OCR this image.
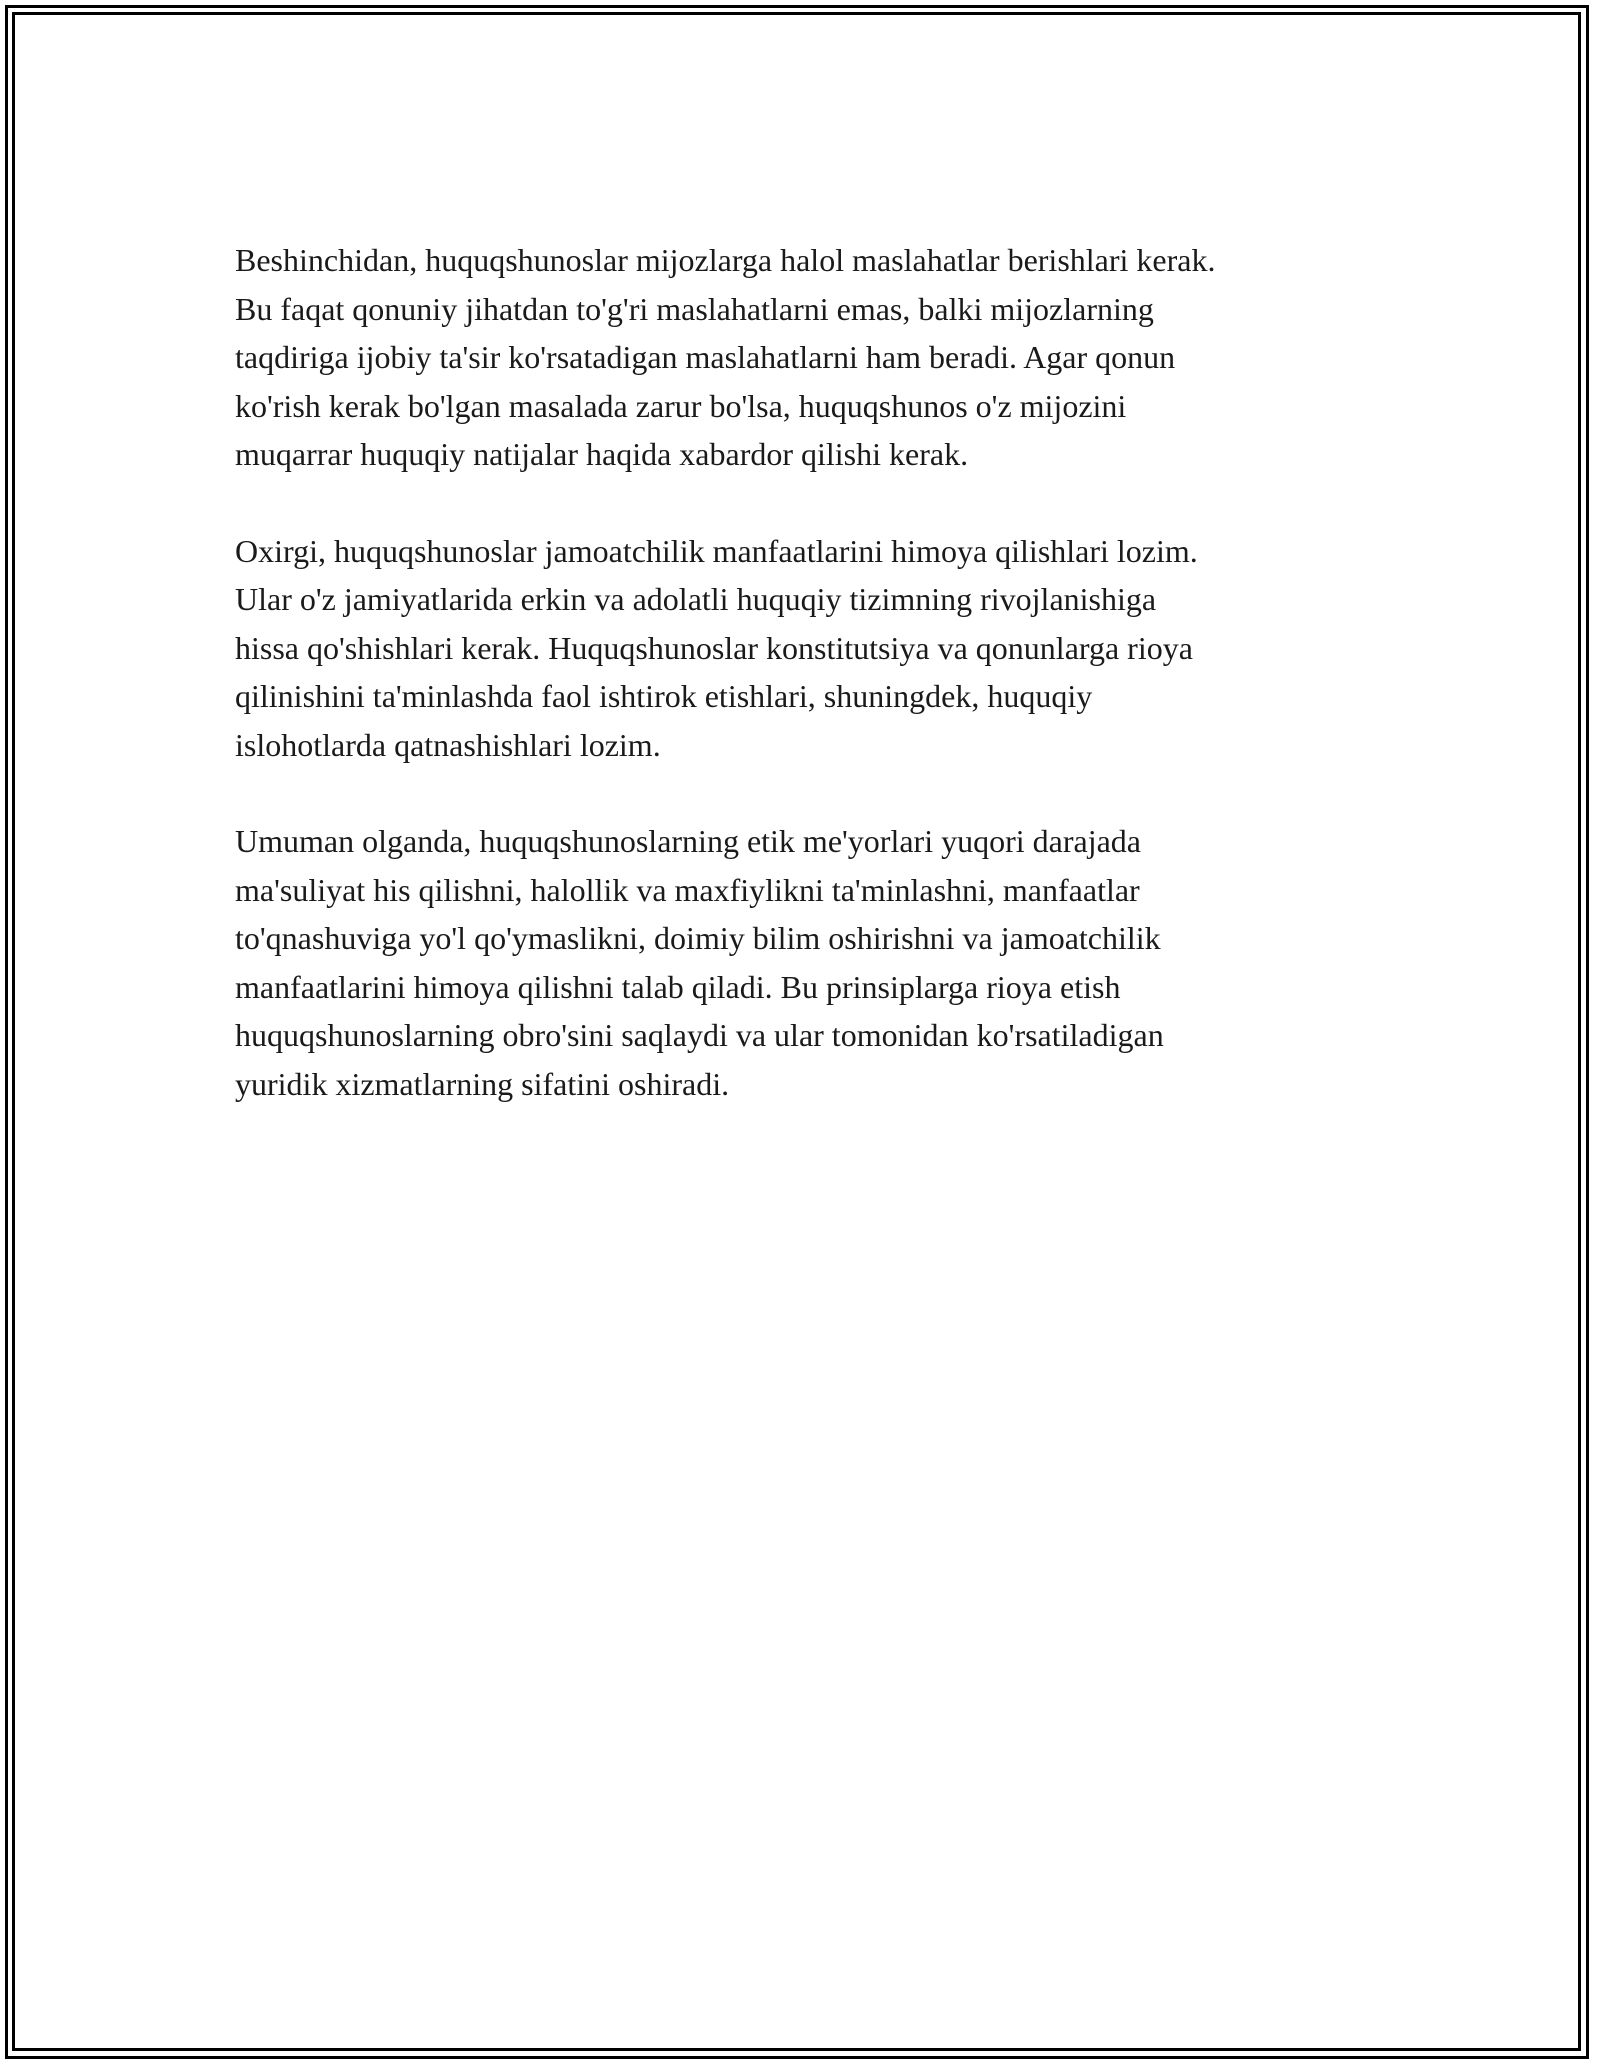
Beshinchidan, huquqshunoslar mijozlarga halol maslahatlar berishlari kerak.
Bu faqat qonuniy jihatdan to'g'ri maslahatlarni emas, balki mijozlarning
taqdiriga ijobiy ta'sir ko'rsatadigan maslahatlarni ham beradi. Agar qonun
ko'rish kerak bo'lgan masalada zarur bo'lsa, huquqshunos o'z mijozini
muqarrar huquqiy natijalar haqida xabardor qilishi kerak.

Oxirgi, huquqshunoslar jamoatchilik manfaatlarini himoya qilishlari lozim.
Ular o'z jamiyatlarida erkin va adolatli huquqiy tizimning rivojlanishiga
hissa qo'shishlari kerak. Huquqshunoslar konstitutsiya va qonunlarga rioya
qilinishini ta'minlashda faol ishtirok etishlari, shuningdek, huquqiy
islohotlarda qatnashishlari lozim.

Umuman olganda, huquqshunoslarning etik me'yorlari yuqori darajada
ma'suliyat his qilishni, halollik va maxfiylikni ta'minlashni, manfaatlar
to'qnashuviga yo'l qo'ymaslikni, doimiy bilim oshirishni va jamoatchilik
manfaatlarini himoya qilishni talab qiladi. Bu prinsiplarga rioya etish
huquqshunoslarning obro'sini saqlaydi va ular tomonidan ko'rsatiladigan
yuridik xizmatlarning sifatini oshiradi.
